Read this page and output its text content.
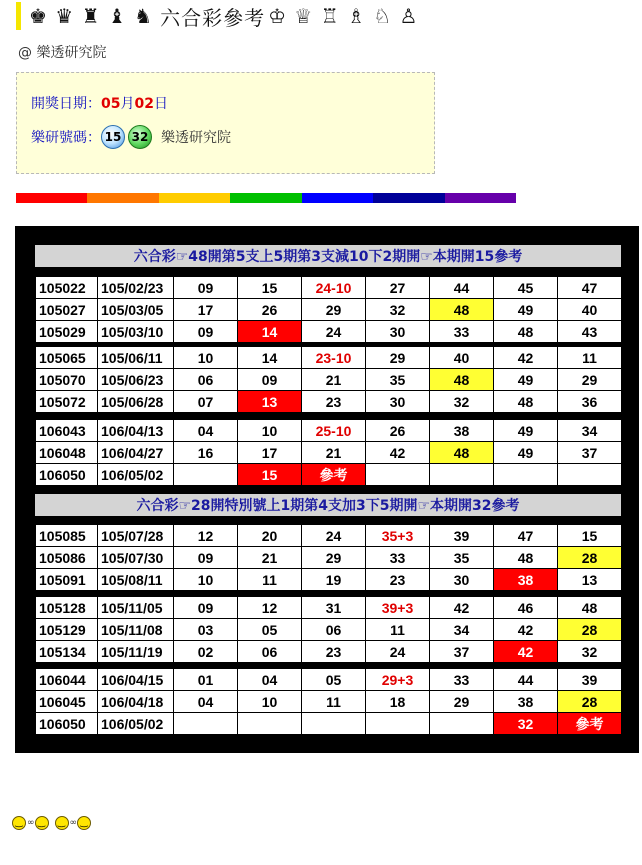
♚ ♛ ♜ ♝ ♞ 六合彩參考 ♔ ♕ ♖ ♗ ♘ ♙
@ 樂透研究院
開獎日期：05月02日
樂研號碼： 15 32 樂透研究院
六合彩☞48開第5支上5期第3支減10下2期開☞本期開15參考
105022	105/02/23	09	15	24-10	27	44	45	47
105027	105/03/05	17	26	29	32	48	49	40
105029	105/03/10	09	14	24	30	33	48	43
105065	105/06/11	10	14	23-10	29	40	42	11
105070	105/06/23	06	09	21	35	48	49	29
105072	105/06/28	07	13	23	30	32	48	36
106043	106/04/13	04	10	25-10	26	38	49	34
106048	106/04/27	16	17	21	42	48	49	37
106050	106/05/02		15	參考				
六合彩☞28開特別號上1期第4支加3下5期開☞本期開32參考
105085	105/07/28	12	20	24	35+3	39	47	15
105086	105/07/30	09	21	29	33	35	48	28
105091	105/08/11	10	11	19	23	30	38	13
105128	105/11/05	09	12	31	39+3	42	46	48
105129	105/11/08	03	05	06	11	34	42	28
105134	105/11/19	02	06	23	24	37	42	32
106044	106/04/15	01	04	05	29+3	33	44	39
106045	106/04/18	04	10	11	18	29	38	28
106050	106/05/02						32	參考
‿ ∞ ‿	‿ ∞ ‿
